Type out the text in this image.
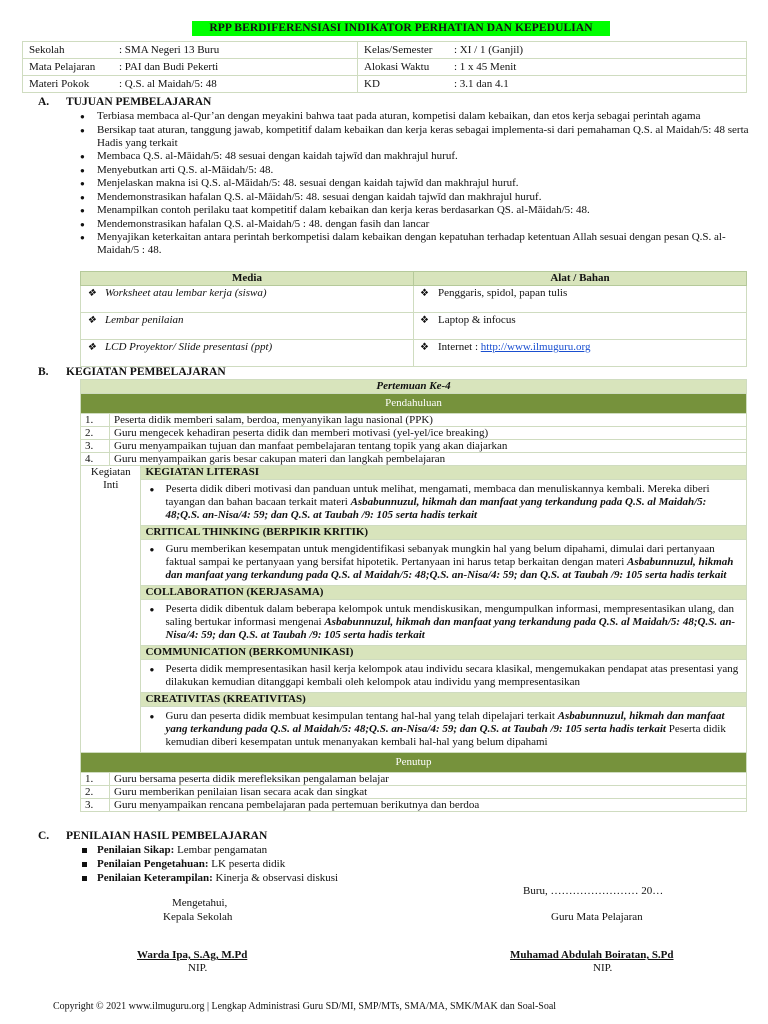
RPP BERDIFERENSIASI INDIKATOR PERHATIAN DAN KEPEDULIAN
Sekolah	: SMA Negeri 13 Buru	Kelas/Semester	: XI / 1 (Ganjil)
Mata Pelajaran	: PAI dan Budi Pekerti	Alokasi Waktu	: 1 x 45 Menit
Materi Pokok	: Q.S. al Maidah/5: 48	KD	: 3.1 dan 4.1
A. TUJUAN PEMBELAJARAN
● Terbiasa membaca al-Qur’an dengan meyakini bahwa taat pada aturan, kompetisi dalam kebaikan, dan etos kerja sebagai perintah agama
● Bersikap taat aturan, tanggung jawab, kompetitif dalam kebaikan dan kerja keras sebagai implementa-si dari pemahaman Q.S. al Maidah/5: 48 serta Hadis yang terkait
● Membaca Q.S. al-Māidah/5: 48 sesuai dengan kaidah tajwīd dan makhrajul huruf.
● Menyebutkan arti Q.S. al-Māidah/5: 48.
● Menjelaskan makna isi Q.S. al-Māidah/5: 48. sesuai dengan kaidah tajwīd dan makhrajul huruf.
● Mendemonstrasikan hafalan Q.S. al-Māidah/5: 48. sesuai dengan kaidah tajwīd dan makhrajul huruf.
● Menampilkan contoh perilaku taat kompetitif dalam kebaikan dan kerja keras berdasarkan QS. al-Māidah/5: 48.
● Mendemonstrasikan hafalan Q.S. al-Maidah/5 : 48. dengan fasih dan lancar
● Menyajikan keterkaitan antara perintah berkompetisi dalam kebaikan dengan kepatuhan terhadap ketentuan Allah sesuai dengan pesan Q.S. al-Maidah/5 : 48.
Media	Alat / Bahan
❖ Worksheet atau lembar kerja (siswa)	❖ Penggaris, spidol, papan tulis
❖ Lembar penilaian	❖ Laptop & infocus
❖ LCD Proyektor/ Slide presentasi (ppt)	❖ Internet : http://www.ilmuguru.org
B. KEGIATAN PEMBELAJARAN
Pertemuan Ke-4		
Pendahuluan		
1.	Peserta didik memberi salam, berdoa, menyanyikan lagu nasional (PPK)	
2.	Guru mengecek kehadiran peserta didik dan memberi motivasi (yel-yel/ice breaking)	
3.	Guru menyampaikan tujuan dan manfaat pembelajaran tentang topik yang akan diajarkan	
4.	Guru menyampaikan garis besar cakupan materi dan langkah pembelajaran	
Kegiatan Inti		KEGIATAN LITERASI
		● Peserta didik diberi motivasi dan panduan untuk melihat, mengamati, membaca dan menuliskannya kembali. Mereka diberi tayangan dan bahan bacaan terkait materi Asbabunnuzul, hikmah dan manfaat yang terkandung pada Q.S. al Maidah/5: 48;Q.S. an-Nisa/4: 59; dan Q.S. at Taubah /9: 105 serta hadis terkait
		CRITICAL THINKING (BERPIKIR KRITIK)
		● Guru memberikan kesempatan untuk mengidentifikasi sebanyak mungkin hal yang belum dipahami, dimulai dari pertanyaan faktual sampai ke pertanyaan yang bersifat hipotetik. Pertanyaan ini harus tetap berkaitan dengan materi Asbabunnuzul, hikmah dan manfaat yang terkandung pada Q.S. al Maidah/5: 48;Q.S. an-Nisa/4: 59; dan Q.S. at Taubah /9: 105 serta hadis terkait
		COLLABORATION (KERJASAMA)
		● Peserta didik dibentuk dalam beberapa kelompok untuk mendiskusikan, mengumpulkan informasi, mempresentasikan ulang, dan saling bertukar informasi mengenai Asbabunnuzul, hikmah dan manfaat yang terkandung pada Q.S. al Maidah/5: 48;Q.S. an-Nisa/4: 59; dan Q.S. at Taubah /9: 105 serta hadis terkait
		COMMUNICATION (BERKOMUNIKASI)
		● Peserta didik mempresentasikan hasil kerja kelompok atau individu secara klasikal, mengemukakan pendapat atas presentasi yang dilakukan kemudian ditanggapi kembali oleh kelompok atau individu yang mempresentasikan
		CREATIVITAS (KREATIVITAS)
		● Guru dan peserta didik membuat kesimpulan tentang hal-hal yang telah dipelajari terkait Asbabunnuzul, hikmah dan manfaat yang terkandung pada Q.S. al Maidah/5: 48;Q.S. an-Nisa/4: 59; dan Q.S. at Taubah /9: 105 serta hadis terkait Peserta didik kemudian diberi kesempatan untuk menanyakan kembali hal-hal yang belum dipahami
Penutup		
1.	Guru bersama peserta didik merefleksikan pengalaman belajar	
2.	Guru memberikan penilaian lisan secara acak dan singkat	
3.	Guru menyampaikan rencana pembelajaran pada pertemuan berikutnya dan berdoa	
C. PENILAIAN HASIL PEMBELAJARAN
Penilaian Sikap: Lembar pengamatan
Penilaian Pengetahuan: LK peserta didik
Penilaian Keterampilan: Kinerja & observasi diskusi
Buru, …………………… 20…
Mengetahui,
Kepala Sekolah	Guru Mata Pelajaran
Warda Ipa, S.Ag, M.Pd
NIP.
Muhamad Abdulah Boiratan, S.Pd
NIP.
Copyright © 2021 www.ilmuguru.org | Lengkap Administrasi Guru SD/MI, SMP/MTs, SMA/MA, SMK/MAK dan Soal-Soal
